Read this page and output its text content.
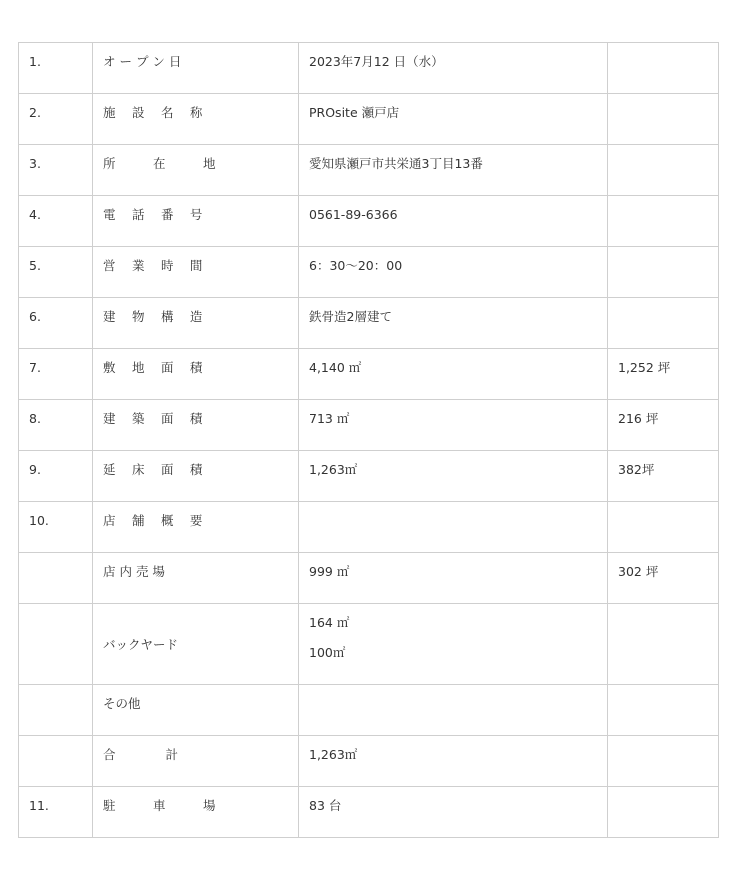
1.	オ ー プ ン 日	2023年7月12 日（水）	
2.	施　 設 　名　 称	PROsite 瀬戸店	
3.	所　　　在　　　地	愛知県瀬戸市共栄通3丁目13番	
4.	電　 話 　番 　号	0561-89-6366	
5.	営　 業 　時 　間	6：30〜20：00	
6.	建　 物 　構 　造	鉄骨造2層建て	
7.	敷　 地 　面 　積	4,140 ㎡	1,252 坪
8.	建　 築 　面 　積	713 ㎡	216 坪
9.	延　 床 　面 　積	1,263㎡	382坪
10.	店　 舗 　概 　要		
	店 内 売 場	999 ㎡	302 坪
	バックヤード	164 ㎡
100㎡	

	その他		
	合　　　　計	1,263㎡	
11.	駐　　　車　　　場	83 台	
